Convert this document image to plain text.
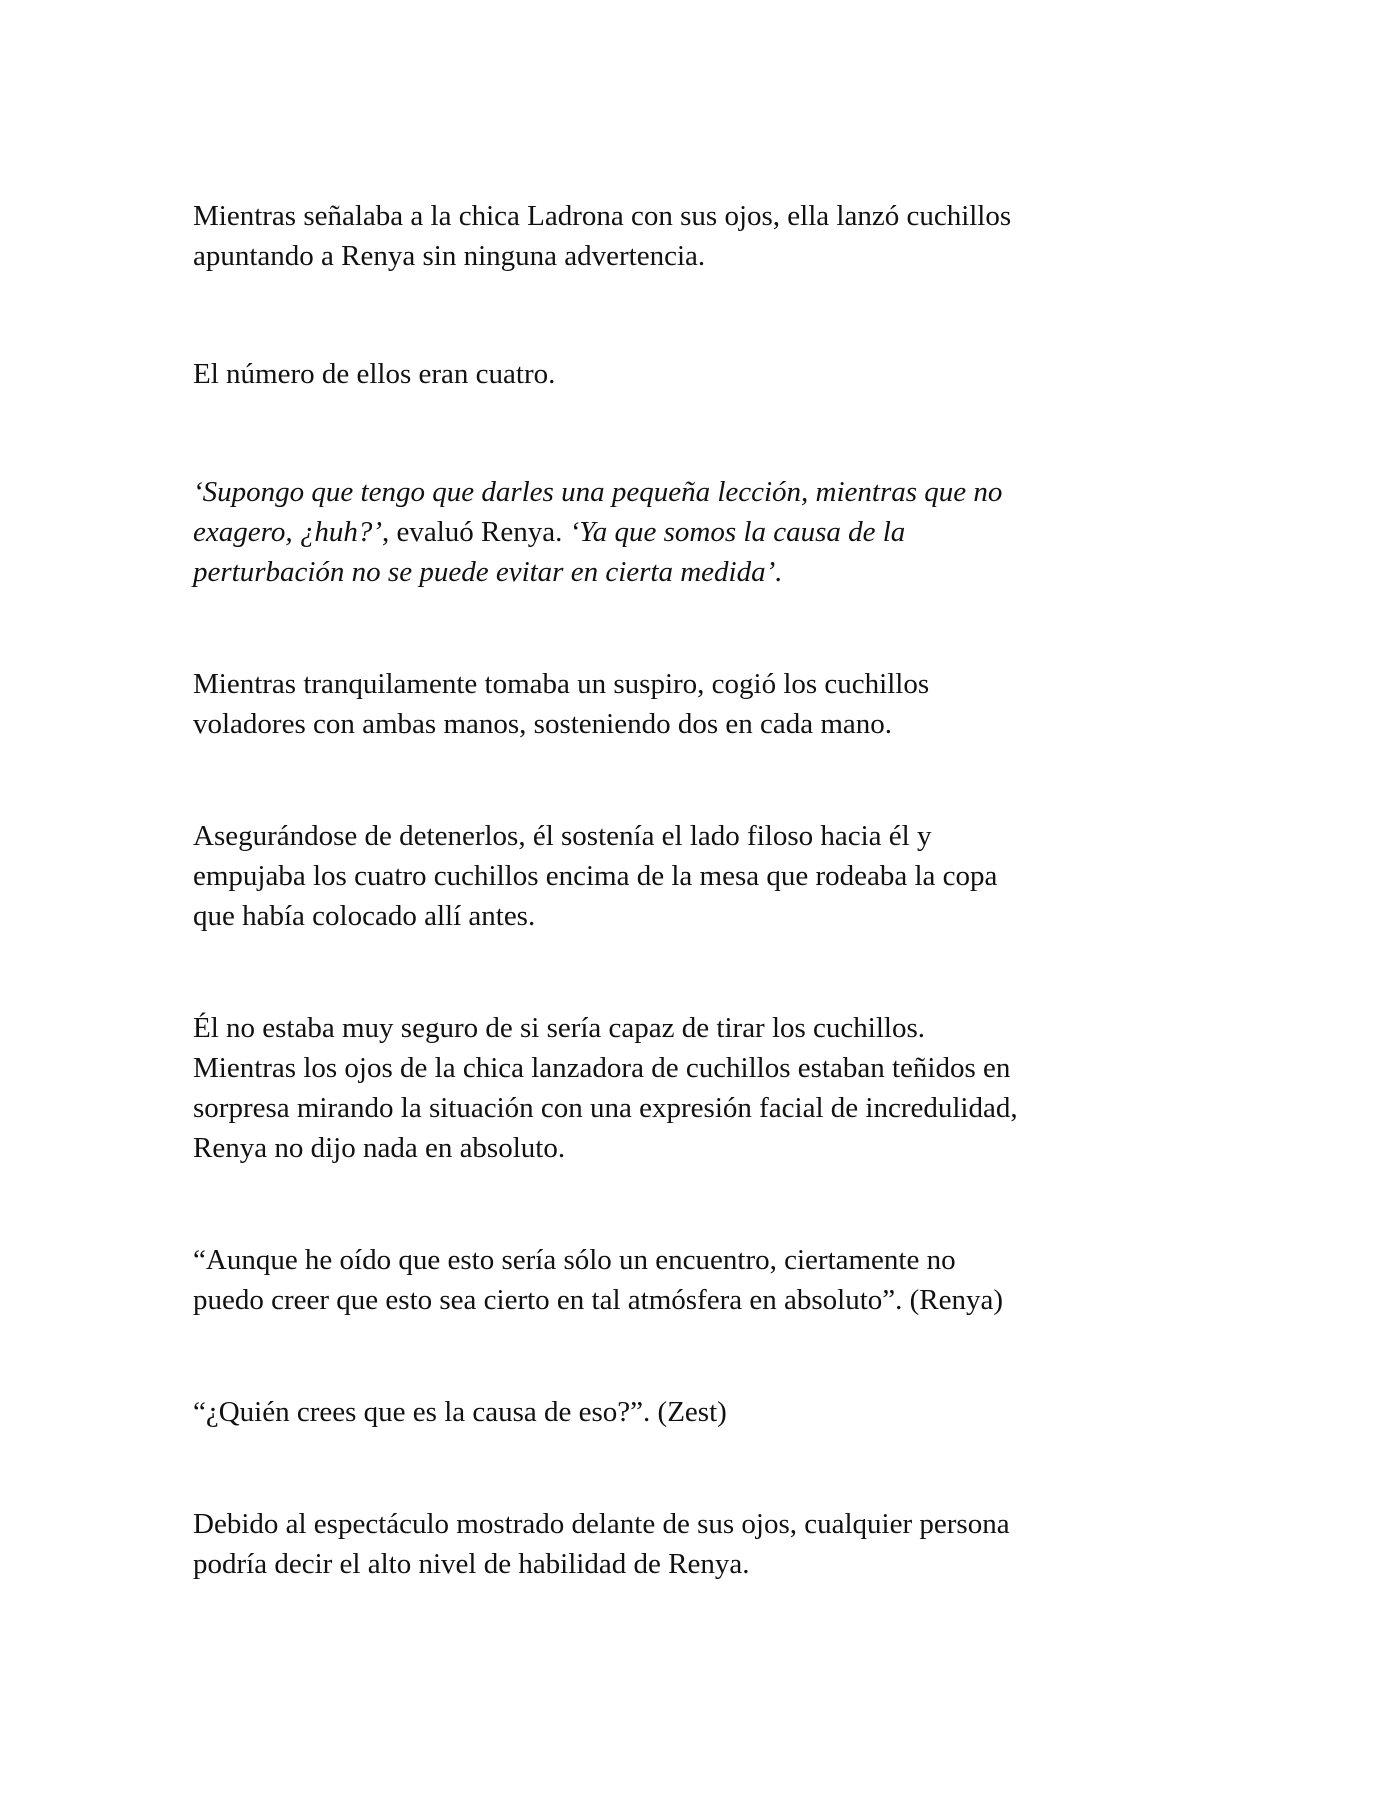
Mientras señalaba a la chica Ladrona con sus ojos, ella lanzó cuchillos
apuntando a Renya sin ninguna advertencia.

El número de ellos eran cuatro.

‘Supongo que tengo que darles una pequeña lección, mientras que no
exagero, ¿huh?’, evaluó Renya. ‘Ya que somos la causa de la
perturbación no se puede evitar en cierta medida’.

Mientras tranquilamente tomaba un suspiro, cogió los cuchillos
voladores con ambas manos, sosteniendo dos en cada mano.

Asegurándose de detenerlos, él sostenía el lado filoso hacia él y
empujaba los cuatro cuchillos encima de la mesa que rodeaba la copa
que había colocado allí antes.

Él no estaba muy seguro de si sería capaz de tirar los cuchillos.
Mientras los ojos de la chica lanzadora de cuchillos estaban teñidos en
sorpresa mirando la situación con una expresión facial de incredulidad,
Renya no dijo nada en absoluto.

“Aunque he oído que esto sería sólo un encuentro, ciertamente no
puedo creer que esto sea cierto en tal atmósfera en absoluto”. (Renya)

“¿Quién crees que es la causa de eso?”. (Zest)

Debido al espectáculo mostrado delante de sus ojos, cualquier persona
podría decir el alto nivel de habilidad de Renya.
